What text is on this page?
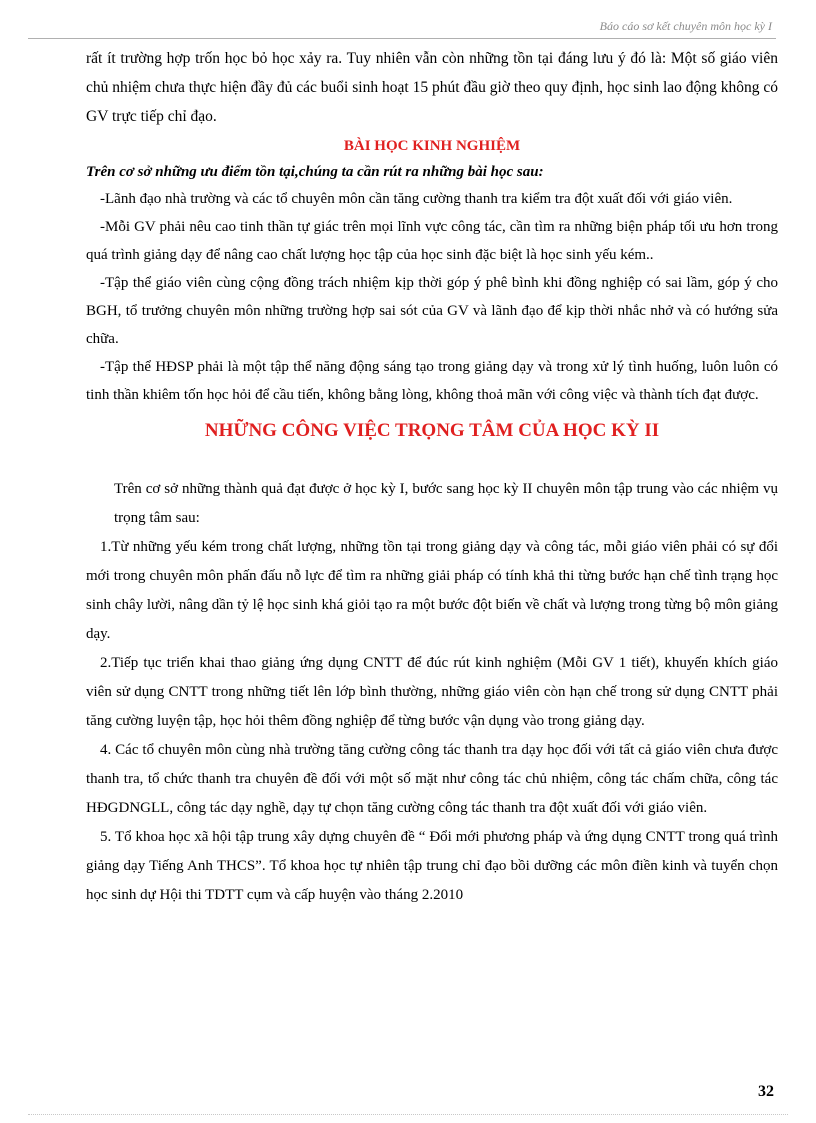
Báo cáo sơ kết chuyên môn học kỳ I

rất ít trường hợp trốn học bỏ học xảy ra. Tuy nhiên vẫn còn những tồn tại đáng lưu ý đó là: Một số giáo viên chủ nhiệm chưa thực hiện đầy đủ các buổi sinh hoạt 15 phút đầu giờ theo quy định, học sinh lao động không có GV trực tiếp chỉ đạo.

BÀI HỌC KINH NGHIỆM
Trên cơ sở những ưu điểm tồn tại,chúng ta cần rút ra những bài học sau:

-Lãnh đạo nhà trường và các tổ chuyên môn cần tăng cường thanh tra kiểm tra đột xuất đối với giáo viên.

-Mỗi GV phải nêu cao tinh thần tự giác trên mọi lĩnh vực công tác, cần tìm ra những biện pháp tối ưu hơn trong quá trình giảng dạy để nâng cao chất lượng học tập của học sinh đặc biệt là học sinh yếu kém..

-Tập thể giáo viên cùng cộng đồng trách nhiệm kịp thời góp ý phê bình khi đồng nghiệp có sai lầm, góp ý cho BGH, tổ trưởng chuyên môn những trường hợp sai sót của GV và lãnh đạo để kịp thời nhắc nhở và có hướng sửa chữa.

-Tập thể HĐSP phải là một tập thể năng động sáng tạo trong giảng dạy và trong xử lý tình huống, luôn luôn có tinh thần khiêm tốn học hỏi để cầu tiến, không bằng lòng, không thoả mãn với công việc và thành tích đạt được.

NHỮNG CÔNG VIỆC TRỌNG TÂM CỦA HỌC KỲ II

Trên cơ sở những thành quả đạt được ở học kỳ I, bước sang học kỳ II chuyên môn tập trung vào các nhiệm vụ trọng tâm sau:

1.Từ những yếu kém trong chất lượng, những tồn tại trong giảng dạy và công tác, mỗi giáo viên phải có sự đổi mới trong chuyên môn phấn đấu nỗ lực để tìm ra những giải pháp có tính khả thi từng bước hạn chế tình trạng học sinh chây lười, nâng dần tỷ lệ học sinh khá giỏi tạo ra một bước đột biến về chất và lượng trong từng bộ môn giảng dạy.

2.Tiếp tục triển khai thao giảng ứng dụng CNTT để đúc rút kinh nghiệm (Mỗi GV 1 tiết), khuyến khích giáo viên sử dụng CNTT trong những tiết lên lớp bình thường, những giáo viên còn hạn chế trong sử dụng CNTT phải tăng cường luyện tập, học hỏi thêm đồng nghiệp để từng bước vận dụng vào trong giảng dạy.

4. Các tổ chuyên môn cùng nhà trường tăng cường công tác thanh tra dạy học đối với tất cả giáo viên chưa được thanh tra, tổ chức thanh tra chuyên đề đối với một số mặt như công tác chủ nhiệm, công tác chấm chữa, công tác HĐGDNGLL, công tác dạy nghề, dạy tự chọn tăng cường công tác thanh tra đột xuất đối với giáo viên.

5. Tổ khoa học xã hội tập trung xây dựng chuyên đề “ Đổi mới phương pháp và ứng dụng CNTT trong quá trình giảng dạy Tiếng Anh THCS”. Tổ khoa học tự nhiên tập trung chỉ đạo bồi dưỡng các môn điền kinh và tuyển chọn học sinh dự Hội thi TDTT cụm và cấp huyện vào tháng 2.2010

32
